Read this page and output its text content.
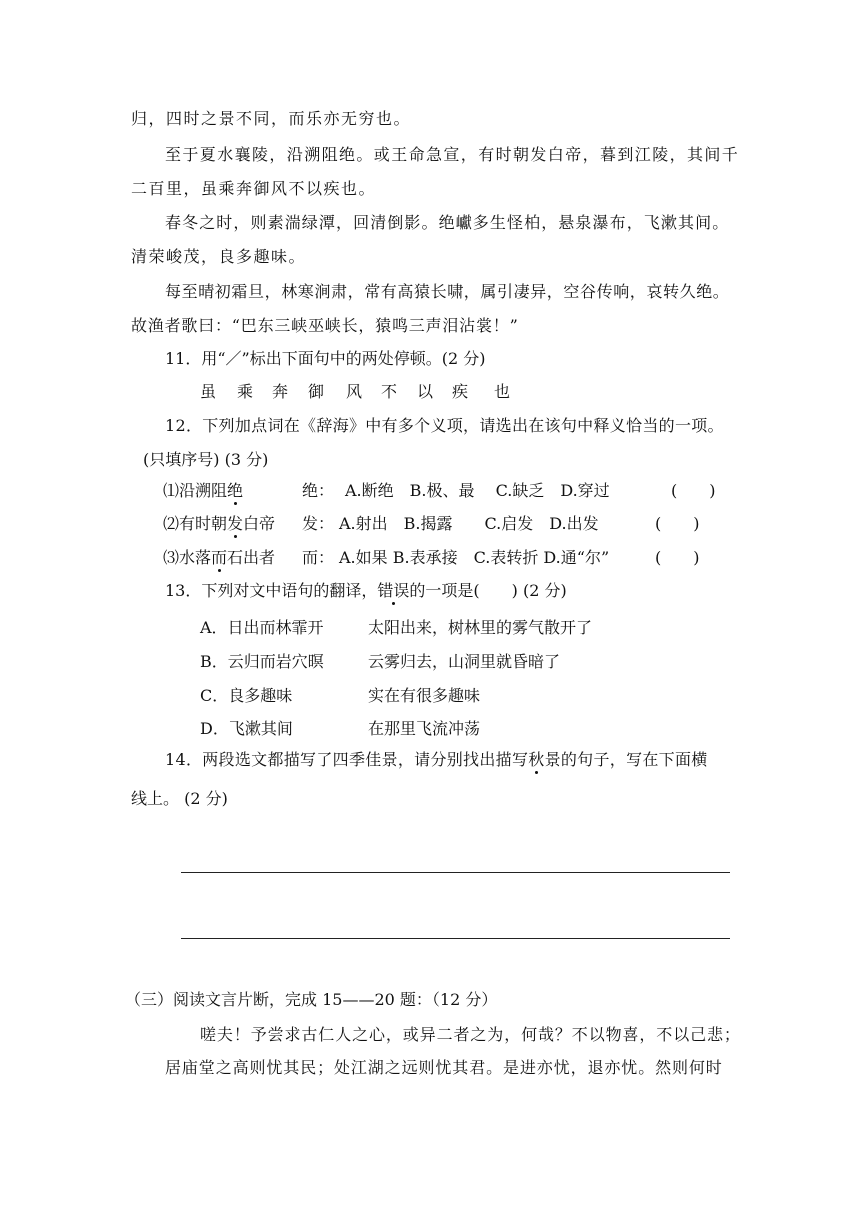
归，四时之景不同，而乐亦无穷也。
至于夏水襄陵，沿溯阻绝。或王命急宣，有时朝发白帝，暮到江陵，其间千
二百里，虽乘奔御风不以疾也。
春冬之时，则素湍绿潭，回清倒影。绝巘多生怪柏，悬泉瀑布，飞漱其间。
清荣峻茂，良多趣味。
每至晴初霜旦，林寒涧肃，常有高猿长啸，属引凄异，空谷传响，哀转久绝。
故渔者歌曰：“巴东三峡巫峡长，猿鸣三声泪沾裳！”
11．用“／”标出下面句中的两处停顿。(2 分)
虽 乘 奔 御 风 不 以 疾 也
12．下列加点词在《辞海》中有多个义项，请选出在该句中释义恰当的一项。
(只填序号) (3 分)
⑴沿溯阻绝	绝： A.断绝　B.极、最　 C.缺乏　D.穿过	(　　)
⑵有时朝发白帝 发： A.射出　B.揭露　　C.启发　D.出发	(　　)
⑶水落而石出者 而： A.如果 B.表承接　C.表转折 D.通“尔”	(　　)
13．下列对文中语句的翻译，错误的一项是(　　) (2 分)
A．日出而林霏开	太阳出来，树林里的雾气散开了
B．云归而岩穴暝	云雾归去，山洞里就昏暗了
C．良多趣味	实在有很多趣味
D．飞漱其间	在那里飞流冲荡
14．两段选文都描写了四季佳景，请分别找出描写秋景的句子，写在下面横
线上。 (2 分)
（三）阅读文言片断，完成 15——20 题：（12 分）
嗟夫！予尝求古仁人之心，或异二者之为，何哉？不以物喜，不以己悲；
居庙堂之高则忧其民；处江湖之远则忧其君。是进亦忧，退亦忧。然则何时
